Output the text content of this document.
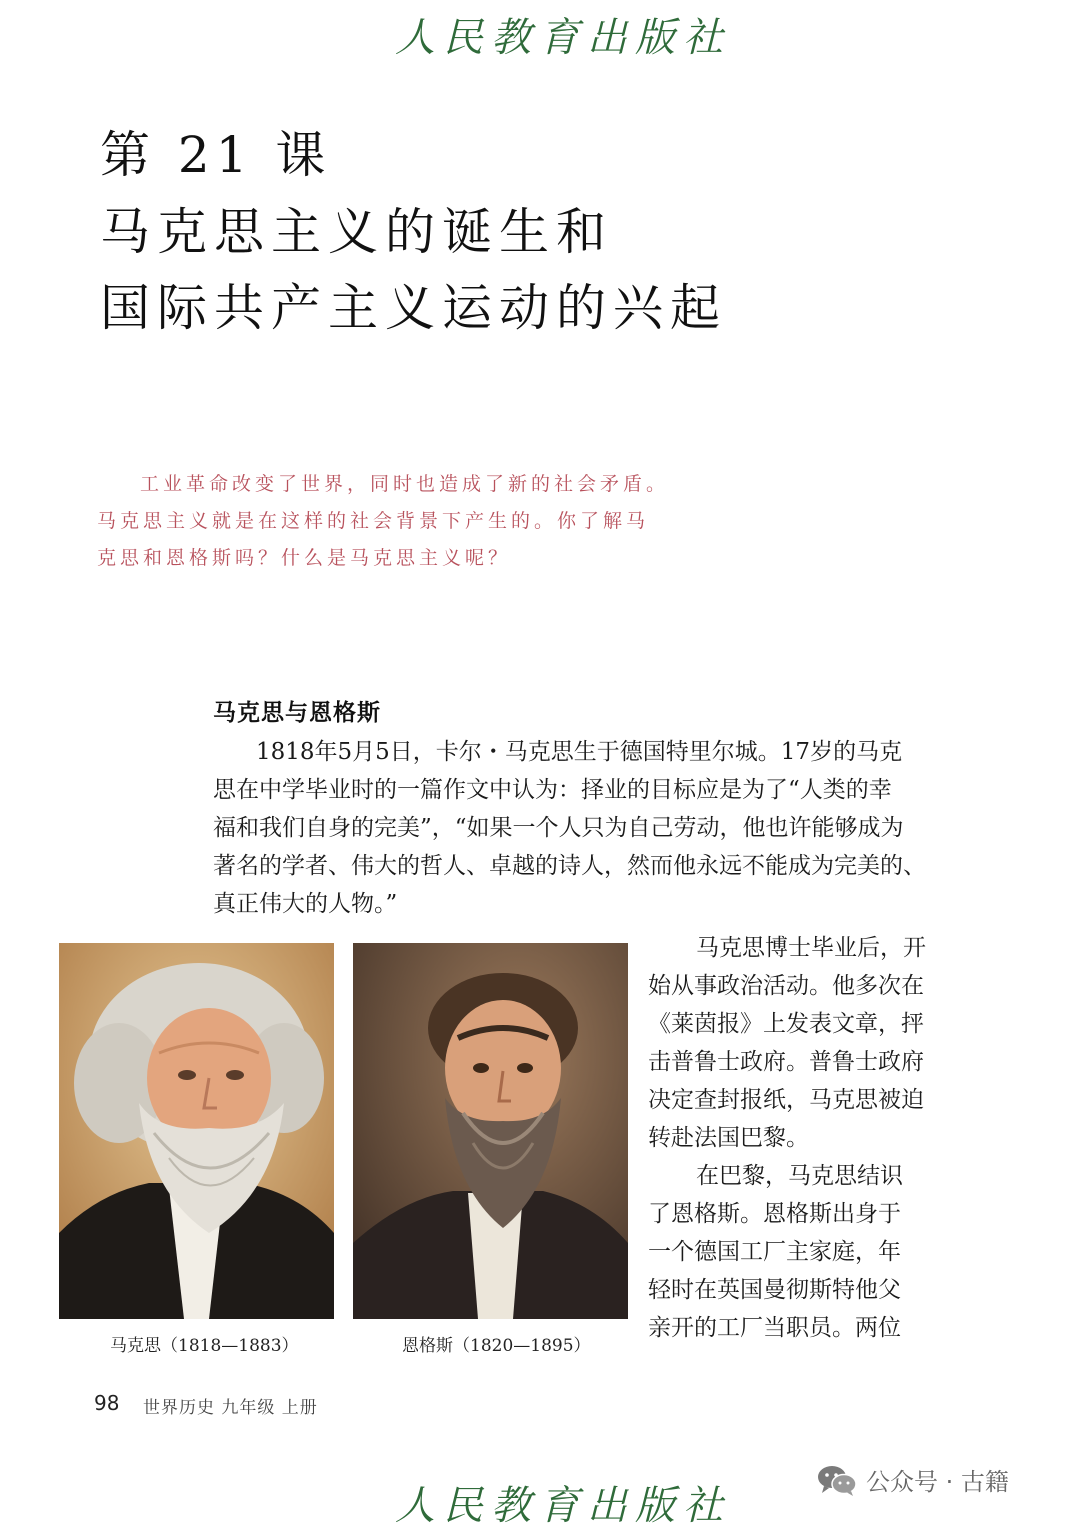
人民教育出版社
第 21 课
马克思主义的诞生和
国际共产主义运动的兴起
工业革命改变了世界，同时也造成了新的社会矛盾。
马克思主义就是在这样的社会背景下产生的。你了解马
克思和恩格斯吗？什么是马克思主义呢？
马克思与恩格斯
1818年5月5日，卡尔・马克思生于德国特里尔城。17岁的马克
思在中学毕业时的一篇作文中认为：择业的目标应是为了“人类的幸
福和我们自身的完美”，“如果一个人只为自己劳动，他也许能够成为
著名的学者、伟大的哲人、卓越的诗人，然而他永远不能成为完美的、
真正伟大的人物。”
马克思博士毕业后，开
始从事政治活动。他多次在
《莱茵报》上发表文章，抨
击普鲁士政府。普鲁士政府
决定查封报纸，马克思被迫
转赴法国巴黎。
在巴黎，马克思结识
了恩格斯。恩格斯出身于
一个德国工厂主家庭，年
轻时在英国曼彻斯特他父
亲开的工厂当职员。两位
马克思（1818—1883）	恩格斯（1820—1895）
98 世界历史 九年级 上册
人民教育出版社
公众号 · 古籍
